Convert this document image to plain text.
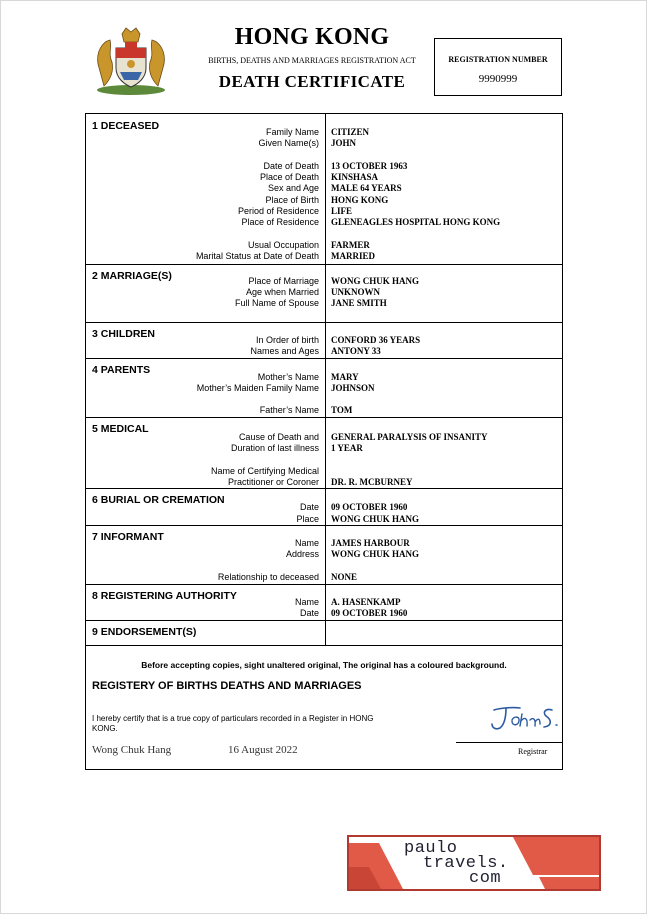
HONG KONG
BIRTHS, DEATHS AND MARRIAGES REGISTRATION ACT
DEATH CERTIFICATE
REGISTRATION NUMBER
9990999
1 DECEASED	Family Name CITIZEN
Given Name(s) JOHN
Date of Death 13 OCTOBER 1963
Place of Death KINSHASA
Sex and Age MALE 64 YEARS
Place of Birth HONG KONG
Period of Residence LIFE
Place of Residence GLENEAGLES HOSPITAL HONG KONG
Usual Occupation FARMER
Marital Status at Date of Death MARRIED
2 MARRIAGE(S)	Place of Marriage WONG CHUK HANG
Age when Married UNKNOWN
Full Name of Spouse JANE SMITH
3 CHILDREN	In Order of birth CONFORD 36 YEARS
Names and Ages ANTONY 33
4 PARENTS
Mother’s Name MARY
Mother’s Maiden Family Name JOHNSON
Father’s Name TOM
5 MEDICAL
Cause of Death and GENERAL PARALYSIS OF INSANITY
Duration of last illness 1 YEAR
Name of Certifying Medical
Practitioner or Coroner DR. R. MCBURNEY
6 BURIAL OR CREMATION
Date 09 OCTOBER 1960
Place WONG CHUK HANG
7 INFORMANT	Name JAMES HARBOUR
Address WONG CHUK HANG
Relationship to deceased NONE
8 REGISTERING AUTHORITY	Name A. HASENKAMP
Date 09 OCTOBER 1960
9 ENDORSEMENT(S)
Before accepting copies, sight unaltered original, The original has a coloured background.
REGISTERY OF BIRTHS DEATHS AND MARRIAGES
I hereby certify that is a true copy of particulars recorded in a Register in HONG KONG.
Wong Chuk Hang	16 August 2022	Registrar
paulo
travels.
com
